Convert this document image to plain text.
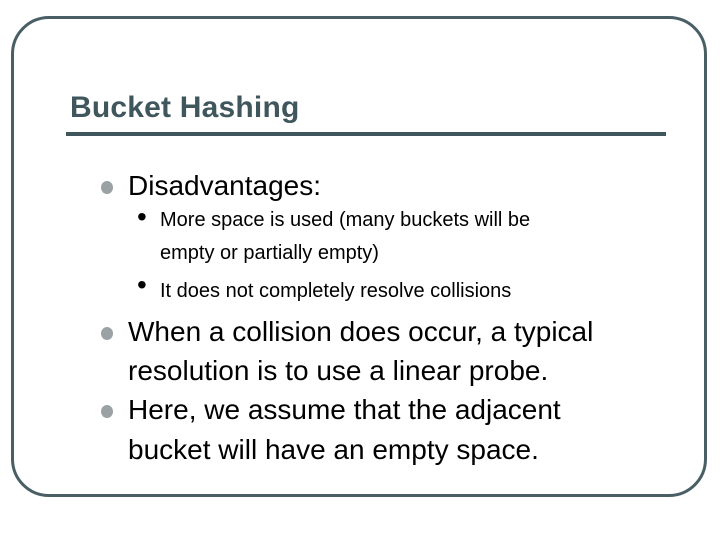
Bucket Hashing
Disadvantages:
• More space is used (many buckets will be
empty or partially empty)
• It does not completely resolve collisions
When a collision does occur, a typical
resolution is to use a linear probe.
Here, we assume that the adjacent
bucket will have an empty space.
